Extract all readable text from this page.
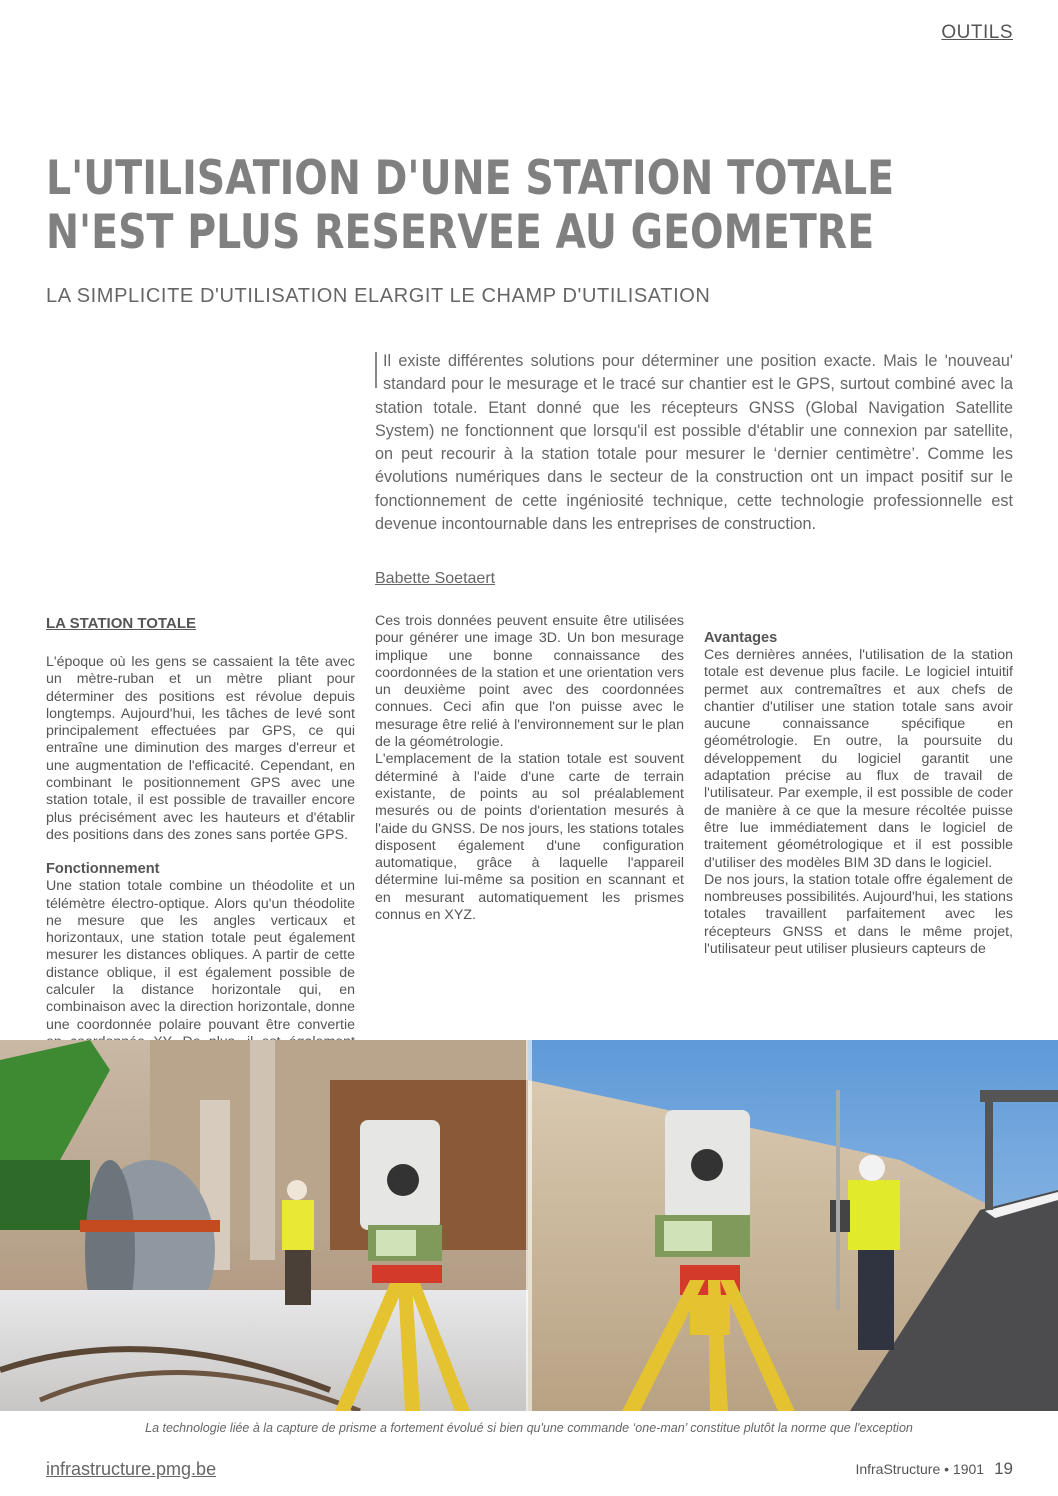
OUTILS
L'UTILISATION D'UNE STATION TOTALE
N'EST PLUS RESERVEE AU GEOMETRE
LA SIMPLICITE D'UTILISATION ELARGIT LE CHAMP D'UTILISATION
Il existe différentes solutions pour déterminer une position exacte. Mais le 'nouveau' standard pour le mesurage et le tracé sur chantier est le GPS, surtout combiné avec la station totale. Etant donné que les récepteurs GNSS (Global Navigation Satellite System) ne fonctionnent que lorsqu'il est possible d'établir une connexion par satellite, on peut recourir à la station totale pour mesurer le ‘dernier centimètre’. Comme les évolutions numériques dans le secteur de la construction ont un impact positif sur le fonctionnement de cette ingéniosité technique, cette technologie professionnelle est devenue incontournable dans les entreprises de construction.
Babette Soetaert
LA STATION TOTALE

L'époque où les gens se cassaient la tête avec un mètre-ruban et un mètre pliant pour déterminer des positions est révolue depuis longtemps. Aujourd'hui, les tâches de levé sont principalement effectuées par GPS, ce qui entraîne une diminution des marges d'erreur et une augmentation de l'efficacité. Cependant, en combinant le positionnement GPS avec une station totale, il est possible de travailler encore plus précisément avec les hauteurs et d'établir des positions dans des zones sans portée GPS.

Fonctionnement

Une station totale combine un théodolite et un télémètre électro-optique. Alors qu'un théodolite ne mesure que les angles verticaux et horizontaux, une station totale peut également mesurer les distances obliques. A partir de cette distance oblique, il est également possible de calculer la distance horizontale qui, en combinaison avec la direction horizontale, donne une coordonnée polaire pouvant être convertie

Ces trois données peuvent ensuite être utilisées pour générer une image 3D. Un bon mesurage implique une bonne connaissance des coordonnées de la station et une orientation vers un deuxième point avec des coordonnées connues. Ceci afin que l'on puisse avec le mesurage être relié à l'environnement sur le plan de la géométrologie.

L'emplacement de la station totale est souvent déterminé à l'aide d'une carte de terrain existante, de points au sol préalablement mesurés ou de points d'orientation mesurés à l'aide du GNSS. De nos jours, les stations totales disposent également d'une configuration automatique, grâce à laquelle l'appareil détermine lui-même sa position en scannant et en mesurant automatiquement les prismes connus en XYZ.

Avantages

Ces dernières années, l'utilisation de la station totale est devenue plus facile. Le logiciel intuitif permet aux contremaîtres et aux chefs de chantier d'utiliser une station totale sans avoir aucune connaissance spécifique en géométrologie. En outre, la poursuite du développement du logiciel garantit une adaptation précise au flux de travail de l'utilisateur. Par exemple, il est possible de coder de manière à ce que la mesure récoltée puisse être lue immédiatement dans le logiciel de traitement géométrologique et il est possible d'utiliser des modèles BIM 3D dans le logiciel.

De nos jours, la station totale offre également de nombreuses possibilités. Aujourd'hui, les stations totales travaillent parfaitement avec les récepteurs GNSS et dans le même projet, l'utilisateur peut utiliser plusieurs capteurs de

La technologie liée à la capture de prisme a fortement évolué si bien qu'une commande ‘one-man’ constitue plutôt la norme que l'exception
infrastructure.pmg.be	InfraStructure • 1901 19
